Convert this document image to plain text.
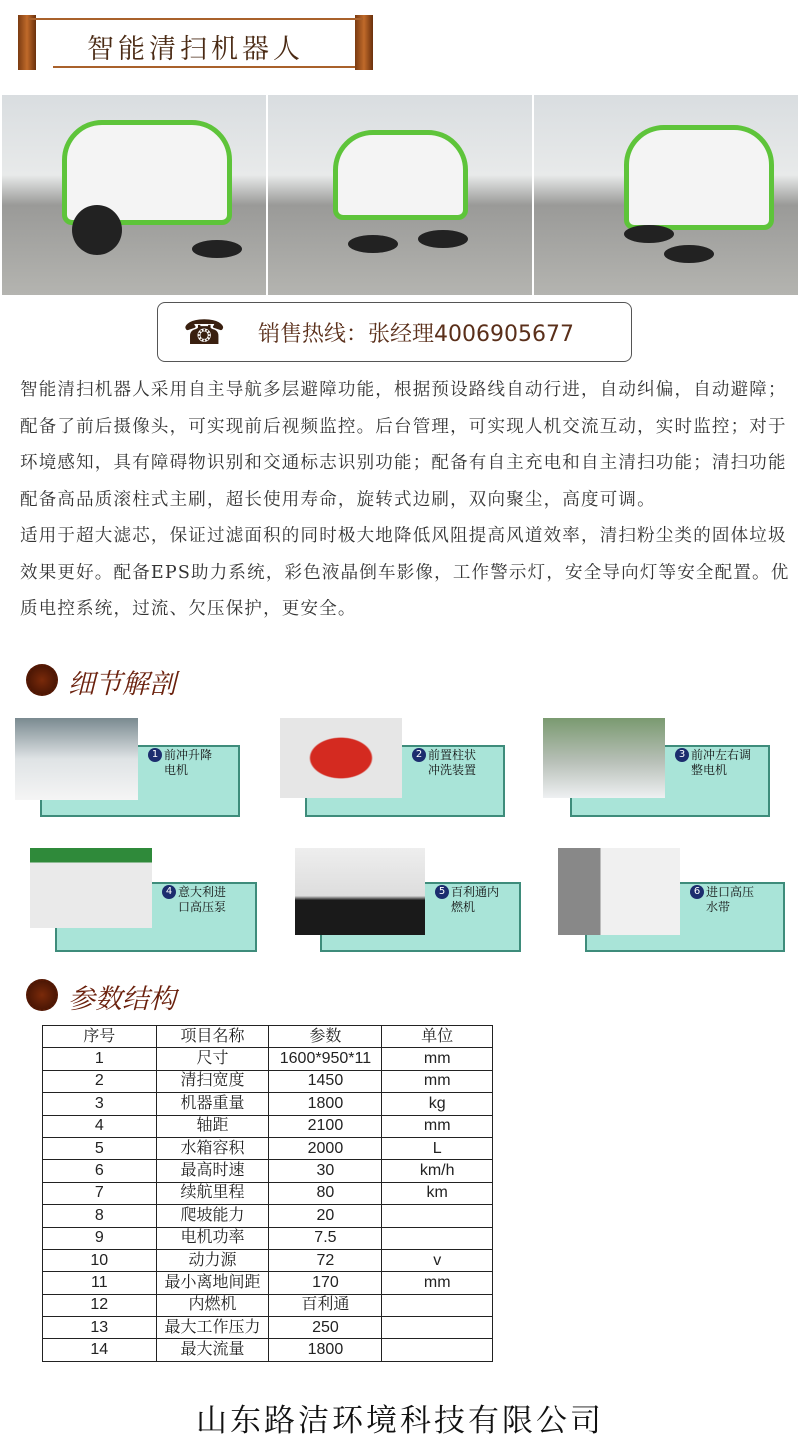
智能清扫机器人
☎ 销售热线：张经理4006905677

智能清扫机器人采用自主导航多层避障功能，根据预设路线自动行进，自动纠偏，自动避障；配备了前后摄像头，可实现前后视频监控。后台管理，可实现人机交流互动，实时监控；对于环境感知，具有障碍物识别和交通标志识别功能；配备有自主充电和自主清扫功能；清扫功能配备高品质滚柱式主刷，超长使用寿命，旋转式边刷，双向聚尘，高度可调。

适用于超大滤芯，保证过滤面积的同时极大地降低风阻提高风道效率，清扫粉尘类的固体垃圾效果更好。配备EPS助力系统，彩色液晶倒车影像，工作警示灯，安全导向灯等安全配置。优质电控系统，过流、欠压保护，更安全。

细节解剖
1 前冲升降
电机
2 前置柱状
冲洗装置
3 前冲左右调
整电机
4 意大利进
口高压泵
5 百利通内
燃机
6 进口高压
水带
参数结构
序号	项目名称	参数	单位
1	尺寸	1600*950*11	mm
2	清扫宽度	1450	mm
3	机器重量	1800	kg
4	轴距	2100	mm
5	水箱容积	2000	L
6	最高时速	30	km/h
7	续航里程	80	km
8	爬坡能力	20	
9	电机功率	7.5	
10	动力源	72	v
11	最小离地间距	170	mm
12	内燃机	百利通	
13	最大工作压力	250	
14	最大流量	1800	
山东路洁环境科技有限公司
